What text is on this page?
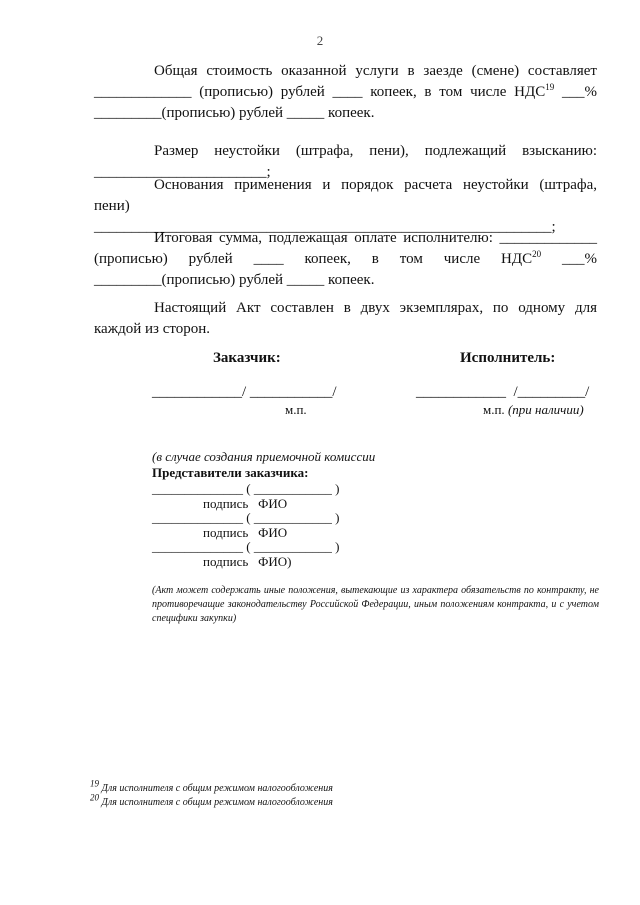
2
Общая стоимость оказанной услуги в заезде (смене) составляет
_____________ (прописью) рублей ____ копеек, в том числе НДС$^{19}$ ___%
_________(прописью) рублей _____ копеек.
Размер неустойки (штрафа, пени), подлежащий взысканию:
_______________________;
Основания применения и порядок расчета неустойки (штрафа,
пени)
_____________________________________________________________;
Итоговая сумма, подлежащая оплате исполнителю: _____________
(прописью) рублей ____ копеек, в том числе НДС$^{20}$ ___%
_________(прописью) рублей _____ копеек.
Настоящий Акт составлен в двух экземплярах, по одному для
каждой из сторон.
Заказчик:	Исполнитель:
____________/ ___________/	____________  /_________/
м.п.	м.п. (при наличии)
(в случае создания приемочной комиссии
Представители заказчика:
______________ ( ____________ )
подпись ФИО
______________ ( ____________ )
подпись ФИО
______________ ( ____________ )
подпись ФИО)
(Акт может содержать иные положения, вытекающие из характера обязательств по контракту, не противоречащие законодательству Российской Федерации, иным положениям контракта, и с учетом специфики закупки)
$^{19}$ Для исполнителя с общим режимом налогообложения
$^{20}$ Для исполнителя с общим режимом налогообложения
